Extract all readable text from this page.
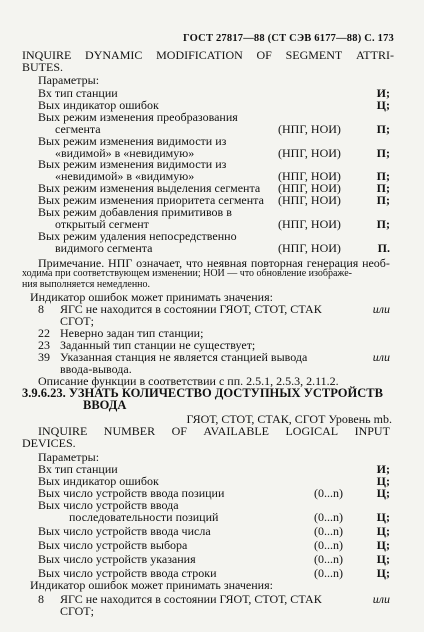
ГОСТ 27817—88 (СТ СЭВ 6177—88) С. 173
INQUIRE DYNAMIC MODIFICATION OF SEGMENT ATTRI-
BUTES.
Параметры:
Вх тип станции	И;
Вых индикатор ошибок	Ц;
Вых режим изменения преобразования
сегмента	(НПГ, НОИ)	П;
Вых режим изменения видимости из
«видимой» в «невидимую»	(НПГ, НОИ)	П;
Вых режим изменения видимости из
«невидимой» в «видимую»	(НПГ, НОИ)	П;
Вых режим изменения выделения сегмента (НПГ, НОИ)	П;
Вых режим изменения приоритета сегмента (НПГ, НОИ)	П;
Вых режим добавления примитивов в
открытый сегмент	(НПГ, НОИ)	П;
Вых режим удаления непосредственно
видимого сегмента	(НПГ, НОИ)	П.
Примечание. НПГ означает, что неявная повторная генерация необ-
ходима при соответствующем изменении; НОИ — что обновление изображе-
ния выполняется немедленно.
Индикатор ошибок может принимать значения:
8 ЯГС не находится в состоянии ГЯОТ, СТОТ, СТАК	или
СГОТ;
22 Неверно задан тип станции;
23 Заданный тип станции не существует;
39 Указанная станция не является станцией вывода	или
ввода-вывода.
Описание функции в соответствии с пп. 2.5.1, 2.5.3, 2.11.2.
3.9.6.23. УЗНАТЬ КОЛИЧЕСТВО ДОСТУПНЫХ УСТРОЙСТВ
ВВОДА
ГЯОТ, СТОТ, СТАК, СГОТ Уровень mb.
INQUIRE NUMBER OF AVAILABLE LOGICAL INPUT
DEVICES.
Параметры:
Вх тип станции	И;
Вых индикатор ошибок	Ц;
Вых число устройств ввода позиции	(0...n)	Ц;
Вых число устройств ввода
последовательности позиций	(0...n)	Ц;
Вых число устройств ввода числа	(0...n)	Ц;
Вых число устройств выбора	(0...n)	Ц;
Вых число устройств указания	(0...n)	Ц;
Вых число устройств ввода строки	(0...n)	Ц;
Индикатор ошибок может принимать значения:
8 ЯГС не находится в состоянии ГЯОТ, СТОТ, СТАК	или
СГОТ;
